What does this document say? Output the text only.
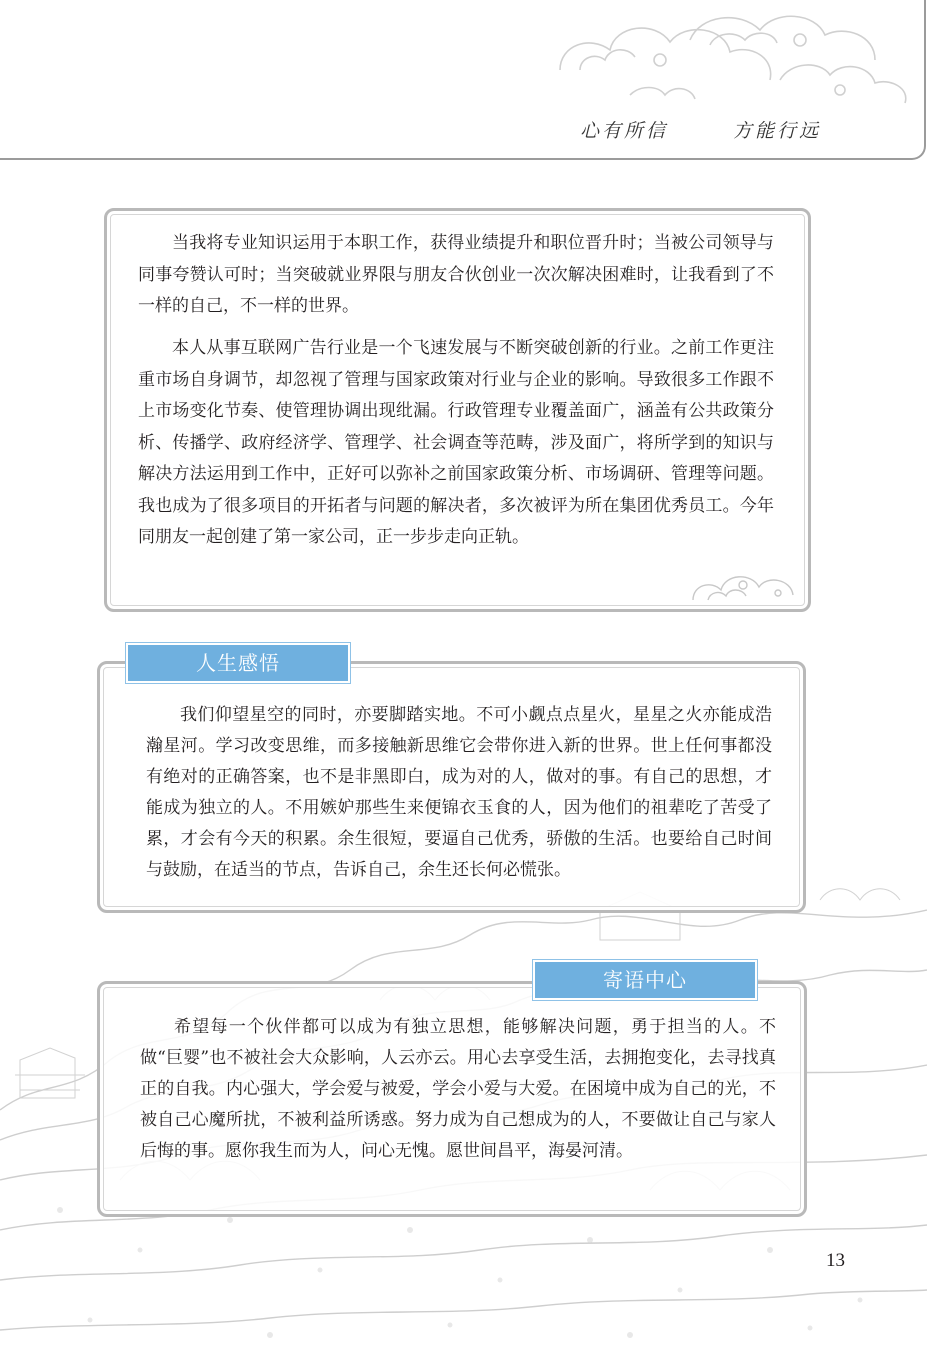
心有所信	方能行远

当我将专业知识运用于本职工作，获得业绩提升和职位晋升时；当被公司领导与同事夸赞认可时；当突破就业界限与朋友合伙创业一次次解决困难时，让我看到了不一样的自己，不一样的世界。

本人从事互联网广告行业是一个飞速发展与不断突破创新的行业。之前工作更注重市场自身调节，却忽视了管理与国家政策对行业与企业的影响。导致很多工作跟不上市场变化节奏、使管理协调出现纰漏。行政管理专业覆盖面广，涵盖有公共政策分析、传播学、政府经济学、管理学、社会调查等范畴，涉及面广，将所学到的知识与解决方法运用到工作中，正好可以弥补之前国家政策分析、市场调研、管理等问题。我也成为了很多项目的开拓者与问题的解决者，多次被评为所在集团优秀员工。今年同朋友一起创建了第一家公司，正一步步走向正轨。

人生感悟

我们仰望星空的同时，亦要脚踏实地。不可小觑点点星火，星星之火亦能成浩瀚星河。学习改变思维，而多接触新思维它会带你进入新的世界。世上任何事都没有绝对的正确答案，也不是非黑即白，成为对的人，做对的事。有自己的思想，才能成为独立的人。不用嫉妒那些生来便锦衣玉食的人，因为他们的祖辈吃了苦受了累，才会有今天的积累。余生很短，要逼自己优秀，骄傲的生活。也要给自己时间与鼓励，在适当的节点，告诉自己，余生还长何必慌张。

寄语中心

希望每一个伙伴都可以成为有独立思想，能够解决问题，勇于担当的人。不做“巨婴”也不被社会大众影响，人云亦云。用心去享受生活，去拥抱变化，去寻找真正的自我。内心强大，学会爱与被爱，学会小爱与大爱。在困境中成为自己的光，不被自己心魔所扰，不被利益所诱惑。努力成为自己想成为的人，不要做让自己与家人后悔的事。愿你我生而为人，问心无愧。愿世间昌平，海晏河清。

13
